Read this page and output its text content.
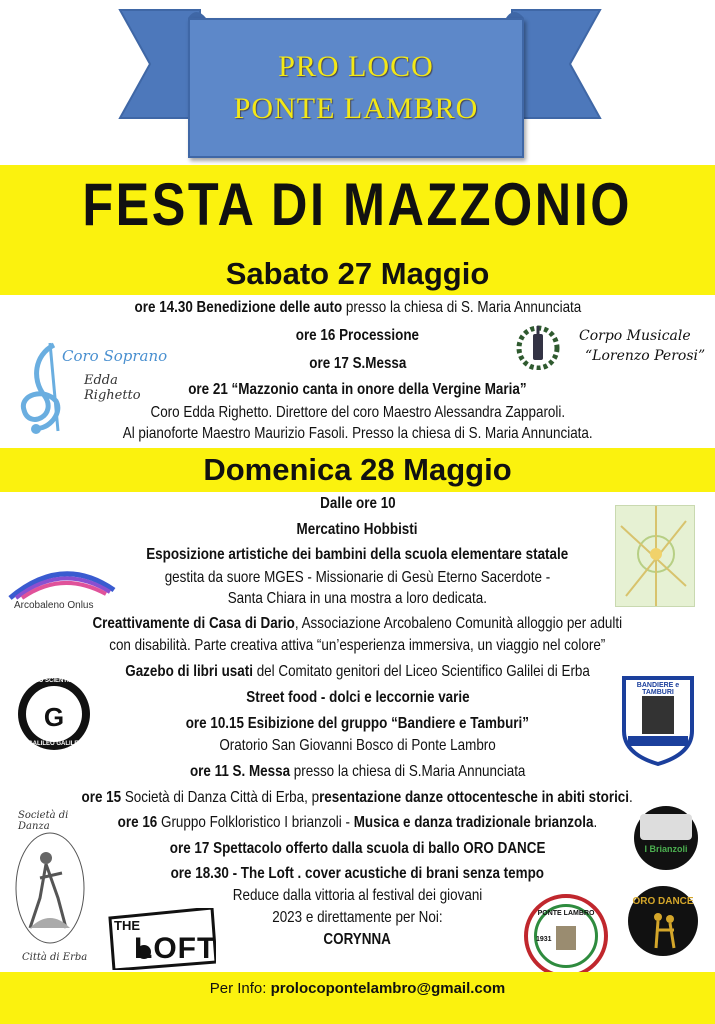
PRO LOCO
PONTE LAMBRO
FESTA DI MAZZONIO
Sabato 27 Maggio
ore 14.30 Benedizione delle auto presso la chiesa di S. Maria Annunciata
ore 16 Processione
ore 17 S.Messa
ore 21 “Mazzonio canta in onore della Vergine Maria”
Coro Edda Righetto. Direttore del coro Maestro Alessandra Zapparoli.
Al pianoforte Maestro Maurizio Fasoli. Presso la chiesa di S. Maria Annunciata.
Domenica 28 Maggio
Dalle ore 10
Mercatino Hobbisti
Esposizione artistiche dei bambini della scuola elementare statale
gestita da suore MGES - Missionarie di Gesù Eterno Sacerdote -
Santa Chiara in una mostra a loro dedicata.
Creattivamente di Casa di Dario, Associazione Arcobaleno Comunità alloggio per adulti
con disabilità. Parte creativa attiva “un’esperienza immersiva, un viaggio nel colore”
Gazebo di libri usati del Comitato genitori del Liceo Scientifico Galilei di Erba
Street food - dolci e leccornie varie
ore 10.15 Esibizione del gruppo “Bandiere e Tamburi”
Oratorio San Giovanni Bosco di Ponte Lambro
ore 11 S. Messa presso la chiesa di S.Maria Annunciata
ore 15 Società di Danza Città di Erba, presentazione danze ottocentesche in abiti storici.
ore 16 Gruppo Folkloristico I brianzoli - Musica e danza tradizionale brianzola.
ore 17 Spettacolo offerto dalla scuola di ballo ORO DANCE
ore 18.30 - The Loft . cover acustiche di brani senza tempo
Reduce dalla vittoria al festival dei giovani
2023 e direttamente per Noi:
CORYNNA
Coro Soprano
Edda Righetto
Corpo Musicale
“Lorenzo Perosi”
Arcobaleno Onlus
G
LICEO SCIENTIFICO
GALILEO GALILEI
BANDIERE e TAMBURI
Società di Danza
Città di Erba
I Brianzoli
THE
LOFT
PONTE LAMBRO
1931
ORO DANCE
Per Info: prolocopontelambro@gmail.com
